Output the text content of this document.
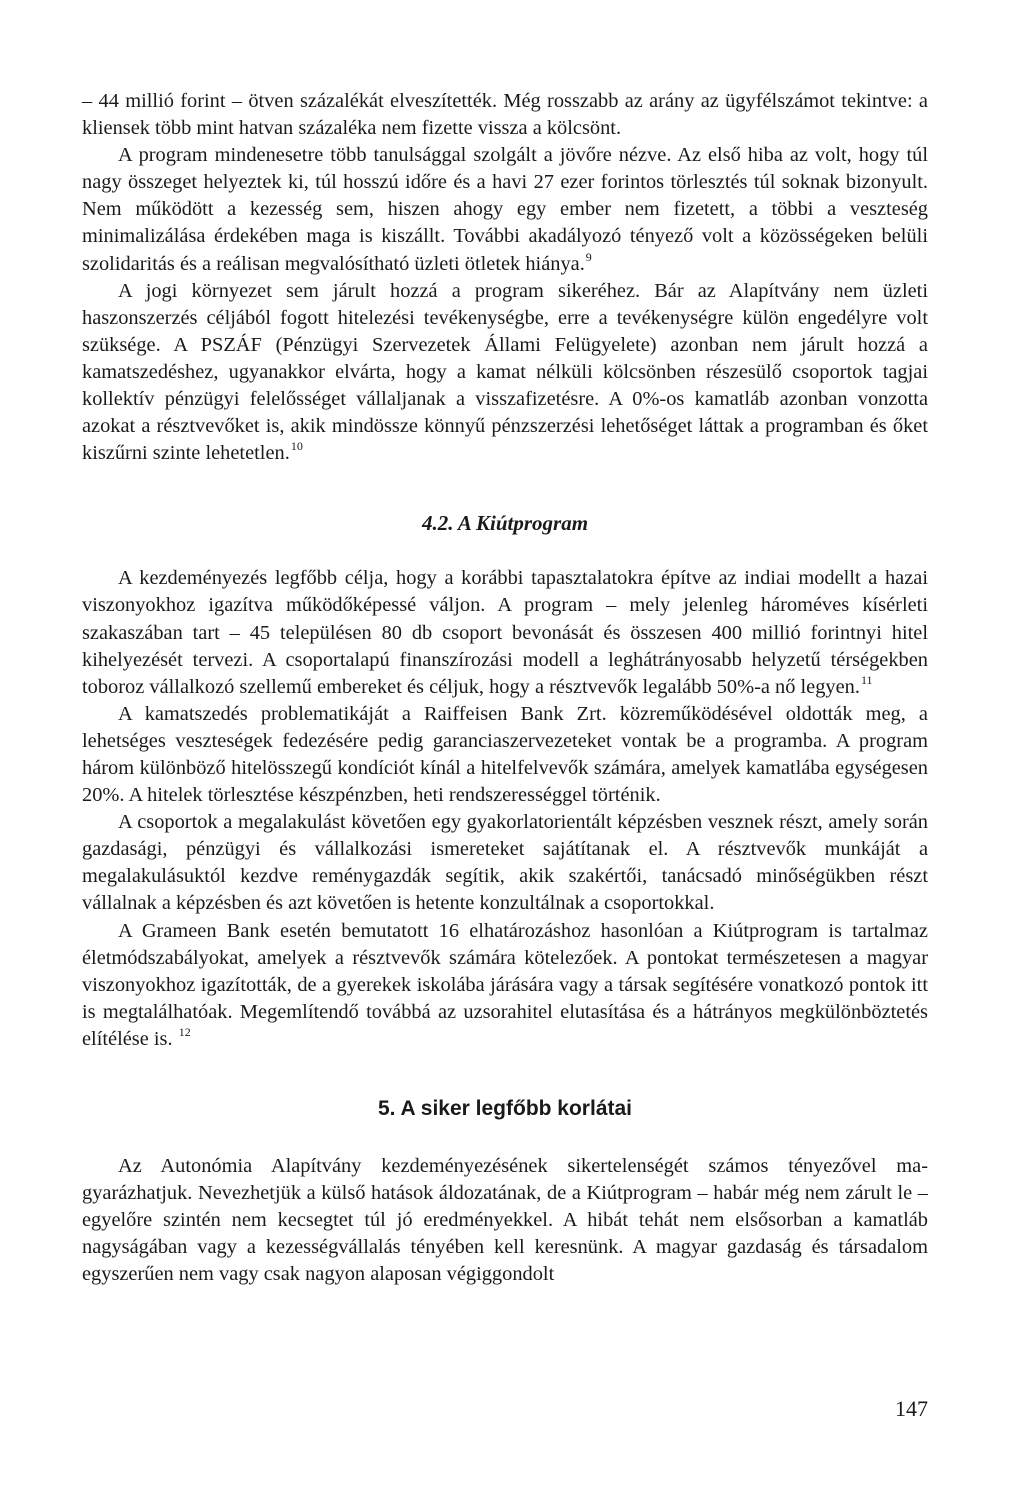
– 44 millió forint – ötven százalékát elveszítették. Még rosszabb az arány az ügyfélszámot tekintve: a kliensek több mint hatvan százaléka nem fizette vissza a kölcsönt.

A program mindenesetre több tanulsággal szolgált a jövőre nézve. Az első hiba az volt, hogy túl nagy összeget helyeztek ki, túl hosszú időre és a havi 27 ezer forintos törlesztés túl soknak bizonyult. Nem működött a kezesség sem, hiszen ahogy egy ember nem fizetett, a többi a veszteség minimalizálása érdekében maga is kiszállt. További akadályozó tényező volt a közösségeken belüli szolidaritás és a reálisan megvalósítható üzleti ötletek hiánya.$^9$

A jogi környezet sem járult hozzá a program sikeréhez. Bár az Alapítvány nem üzleti haszonszerzés céljából fogott hitelezési tevékenységbe, erre a tevékenységre külön engedélyre volt szüksége. A PSZÁF (Pénzügyi Szervezetek Állami Felügyelete) azonban nem járult hozzá a kamatszedéshez, ugyanakkor elvárta, hogy a kamat nélküli kölcsönben részesülő csoportok tagjai kollektív pénzügyi felelősséget vállaljanak a visszafizetésre. A 0%-os kamatláb azonban vonzotta azokat a résztvevőket is, akik mindössze könnyű pénzszerzési lehetőséget láttak a programban és őket kiszűrni szinte lehetetlen.$^{10}$

4.2. A Kiútprogram

A kezdeményezés legfőbb célja, hogy a korábbi tapasztalatokra építve az indiai modellt a hazai viszonyokhoz igazítva működőképessé váljon. A program – mely jelenleg hároméves kísérleti szakaszában tart – 45 településen 80 db csoport bevonását és összesen 400 millió forintnyi hitel kihelyezését tervezi. A csoportalapú finanszírozási modell a leghátrányosabb helyzetű térségekben toboroz vállalkozó szellemű embereket és céljuk, hogy a résztvevők legalább 50%-a nő legyen.$^{11}$

A kamatszedés problematikáját a Raiffeisen Bank Zrt. közreműködésével oldották meg, a lehetséges veszteségek fedezésére pedig garanciaszervezeteket vontak be a programba. A program három különböző hitelösszegű kondíciót kínál a hitelfelvevők számára, amelyek kamatlába egységesen 20%. A hitelek törlesztése készpénzben, heti rendszerességgel történik.

A csoportok a megalakulást követően egy gyakorlatorientált képzésben vesznek részt, amely során gazdasági, pénzügyi és vállalkozási ismereteket sajátítanak el. A résztvevők munkáját a megalakulásuktól kezdve reménygazdák segítik, akik szakértői, tanácsadó minőségükben részt vállalnak a képzésben és azt követően is hetente konzultálnak a csoportokkal.

A Grameen Bank esetén bemutatott 16 elhatározáshoz hasonlóan a Kiútprogram is tartalmaz életmódszabályokat, amelyek a résztvevők számára kötelezőek. A pontokat természetesen a magyar viszonyokhoz igazították, de a gyerekek iskolába járására vagy a társak segítésére vonatkozó pontok itt is megtalálhatóak. Megemlítendő továbbá az uzsorahitel elutasítása és a hátrányos megkülönböztetés elítélése is. $^{12}$

5. A siker legfőbb korlátai

Az Autonómia Alapítvány kezdeményezésének sikertelenségét számos tényezővel magyarázhatjuk. Nevezhetjük a külső hatások áldozatának, de a Kiútprogram – habár még nem zárult le – egyelőre szintén nem kecsegtet túl jó eredményekkel. A hibát tehát nem elsősorban a kamatláb nagyságában vagy a kezességvállalás tényében kell keresnünk. A magyar gazdaság és társadalom egyszerűen nem vagy csak nagyon alaposan végiggondolt

147
